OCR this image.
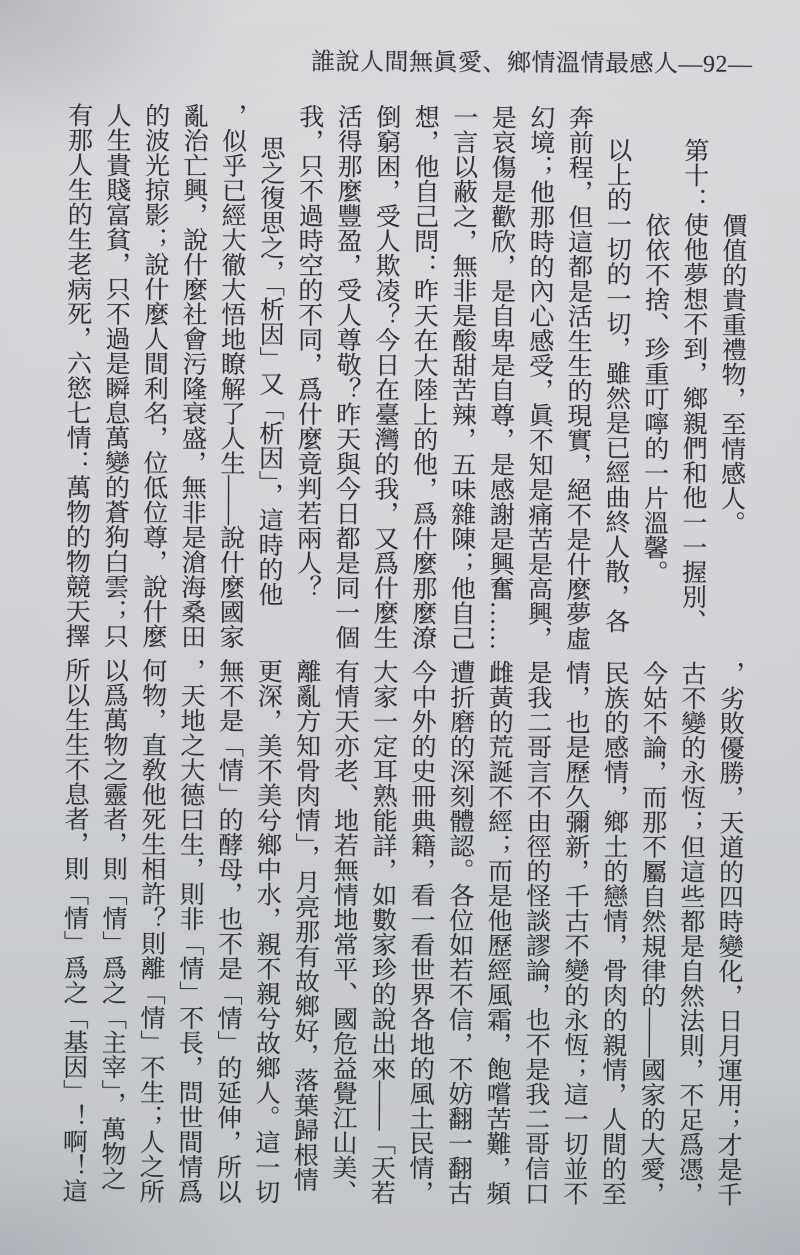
誰說人間無眞愛、鄉情溫情最感人—92—
價值的貴重禮物，至情感人。
第十：使他夢想不到，鄉親們和他一一握別、
依依不捨、珍重叮嚀的一片溫馨。
以上的一切的一切，雖然是已經曲終人散，各
奔前程，但這都是活生生的現實，絕不是什麼夢虛
幻境；他那時的內心感受，眞不知是痛苦是高興，
是哀傷是歡欣，是自卑是自尊，是感謝是興奮……
一言以蔽之，無非是酸甜苦辣，五味雜陳；他自己
想，他自己問：昨天在大陸上的他，爲什麼那麼潦
倒窮困，受人欺凌？今日在臺灣的我，又爲什麼生
活得那麼豐盈，受人尊敬？昨天與今日都是同一個
我，只不過時空的不同，爲什麼竟判若兩人？
思之復思之，「析因」又「析因」，這時的他
，似乎已經大徹大悟地瞭解了人生——說什麼國家
亂治亡興，說什麼社會污隆衰盛，無非是滄海桑田
的波光掠影；說什麼人間利名，位低位尊，說什麼
人生貴賤富貧，只不過是瞬息萬變的蒼狗白雲；只
有那人生的生老病死，六慾七情：萬物的物競天擇
，劣敗優勝，天道的四時變化，日月運用；才是千
古不變的永恆；但這些都是自然法則，不足爲憑，
今姑不論，而那不屬自然規律的——國家的大愛，
民族的感情，鄉土的戀情，骨肉的親情，人間的至
情，也是歷久彌新，千古不變的永恆；這一切並不
是我二哥言不由徑的怪談謬論，也不是我二哥信口
雌黃的荒誕不經；而是他歷經風霜，飽嚐苦難，頻
遭折磨的深刻體認。各位如若不信，不妨翻一翻古
今中外的史冊典籍，看一看世界各地的風土民情，
大家一定耳熟能詳，如數家珍的說出來——「天若
有情天亦老、地若無情地常平、國危益覺江山美、
離亂方知骨肉情」，月亮那有故鄉好，落葉歸根情
更深，美不美兮鄉中水，親不親兮故鄉人。這一切
無不是「情」的酵母，也不是「情」的延伸，所以
，天地之大德曰生，則非「情」不長，問世間情爲
何物，直敎他死生相許？則離「情」不生；人之所
以爲萬物之靈者，則「情」爲之「主宰」，萬物之
所以生生不息者，則「情」爲之「基因」！啊！這
